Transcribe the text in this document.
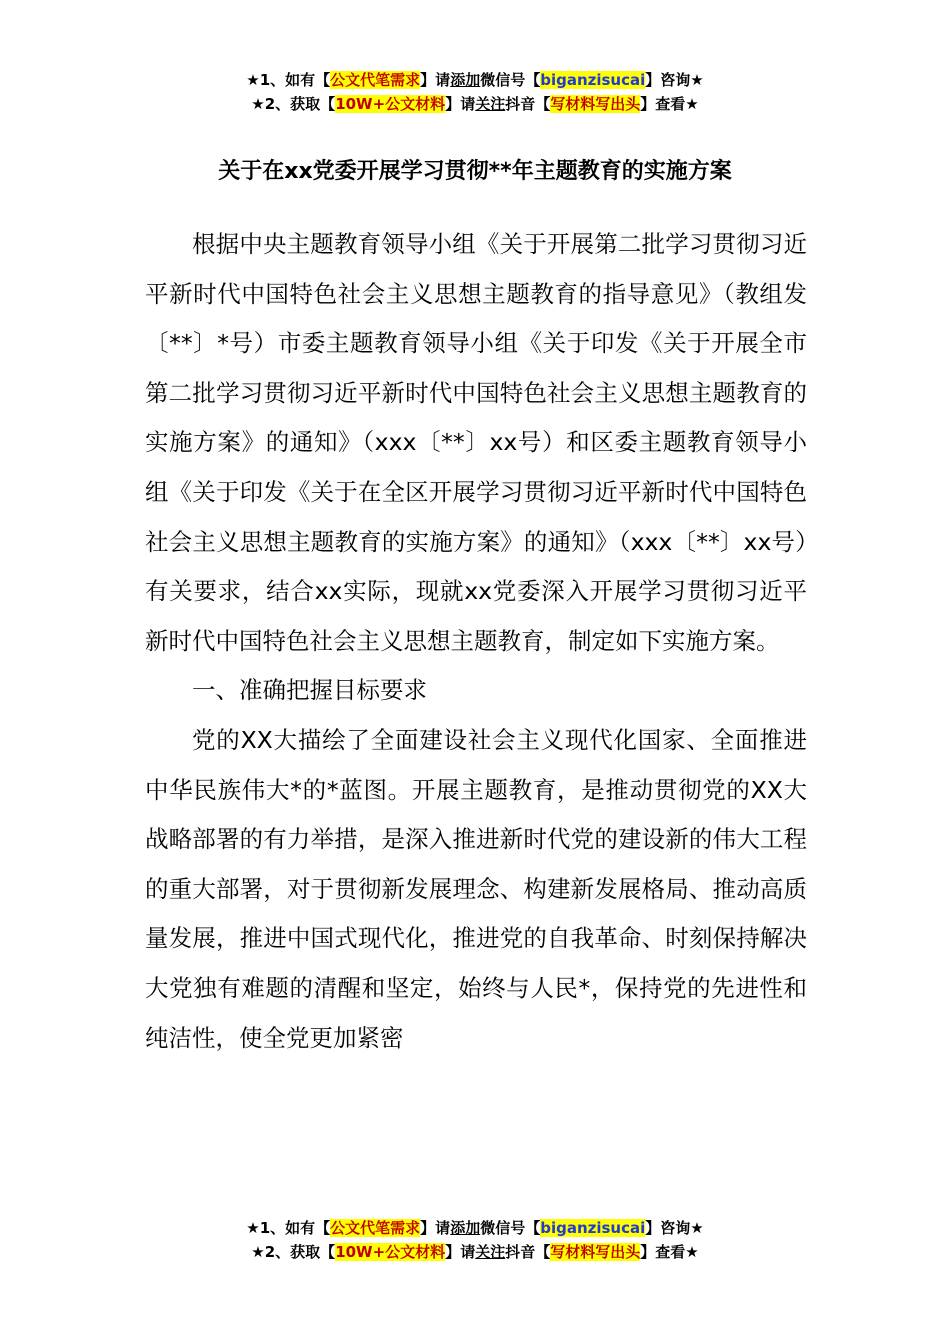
★1、如有【公文代笔需求】请添加微信号【biganzisucai】咨询★
★2、获取【10W+公文材料】请关注抖音【写材料写出头】查看★
关于在xx党委开展学习贯彻**年主题教育的实施方案

根据中央主题教育领导小组《关于开展第二批学习贯彻习近平新时代中国特色社会主义思想主题教育的指导意见》（教组发〔**〕*号）市委主题教育领导小组《关于印发《关于开展全市第二批学习贯彻习近平新时代中国特色社会主义思想主题教育的实施方案》的通知》（xxx〔**〕xx号）和区委主题教育领导小组《关于印发《关于在全区开展学习贯彻习近平新时代中国特色社会主义思想主题教育的实施方案》的通知》（xxx〔**〕xx号）有关要求，结合xx实际，现就xx党委深入开展学习贯彻习近平新时代中国特色社会主义思想主题教育，制定如下实施方案。

一、准确把握目标要求

党的XX大描绘了全面建设社会主义现代化国家、全面推进中华民族伟大*的*蓝图。开展主题教育，是推动贯彻党的XX大战略部署的有力举措，是深入推进新时代党的建设新的伟大工程的重大部署，对于贯彻新发展理念、构建新发展格局、推动高质量发展，推进中国式现代化，推进党的自我革命、时刻保持解决大党独有难题的清醒和坚定，始终与人民*，保持党的先进性和纯洁性，使全党更加紧密

★1、如有【公文代笔需求】请添加微信号【biganzisucai】咨询★
★2、获取【10W+公文材料】请关注抖音【写材料写出头】查看★
